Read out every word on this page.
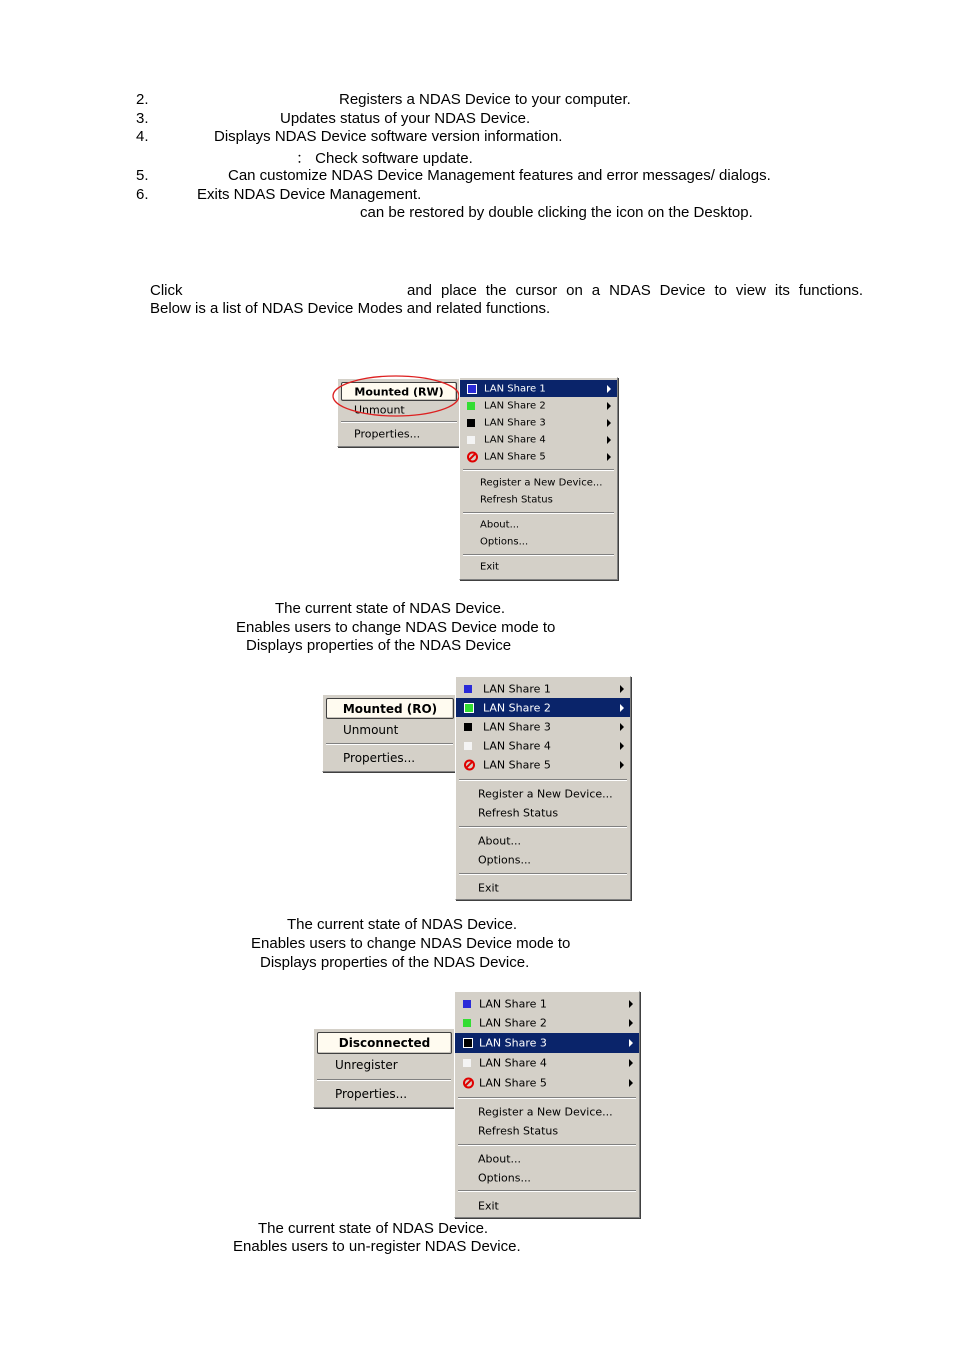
2.	Registers a NDAS Device to your computer.
3.	Updates status of your NDAS Device.
4.	Displays NDAS Device software version information.
： Check software update.
5.	Can customize NDAS Device Management features and error messages/ dialogs.
6.	Exits NDAS Device Management.
can be restored by double clicking the icon on the Desktop.
Click	and place the cursor on a NDAS Device to view its functions.
Below is a list of NDAS Device Modes and related functions.
Mounted (RW)
Unmount
Properties...
LAN Share 1
LAN Share 2
LAN Share 3
LAN Share 4
LAN Share 5
Register a New Device...
Refresh Status
About...
Options...
Exit
The current state of NDAS Device.
Enables users to change NDAS Device mode to
Displays properties of the NDAS Device
Mounted (RO)
Unmount
Properties...
LAN Share 1
LAN Share 2
LAN Share 3
LAN Share 4
LAN Share 5
Register a New Device...
Refresh Status
About...
Options...
Exit
The current state of NDAS Device.
Enables users to change NDAS Device mode to
Displays properties of the NDAS Device.
Disconnected
Unregister
Properties...
LAN Share 1
LAN Share 2
LAN Share 3
LAN Share 4
LAN Share 5
Register a New Device...
Refresh Status
About...
Options...
Exit
The current state of NDAS Device.
Enables users to un-register NDAS Device.
